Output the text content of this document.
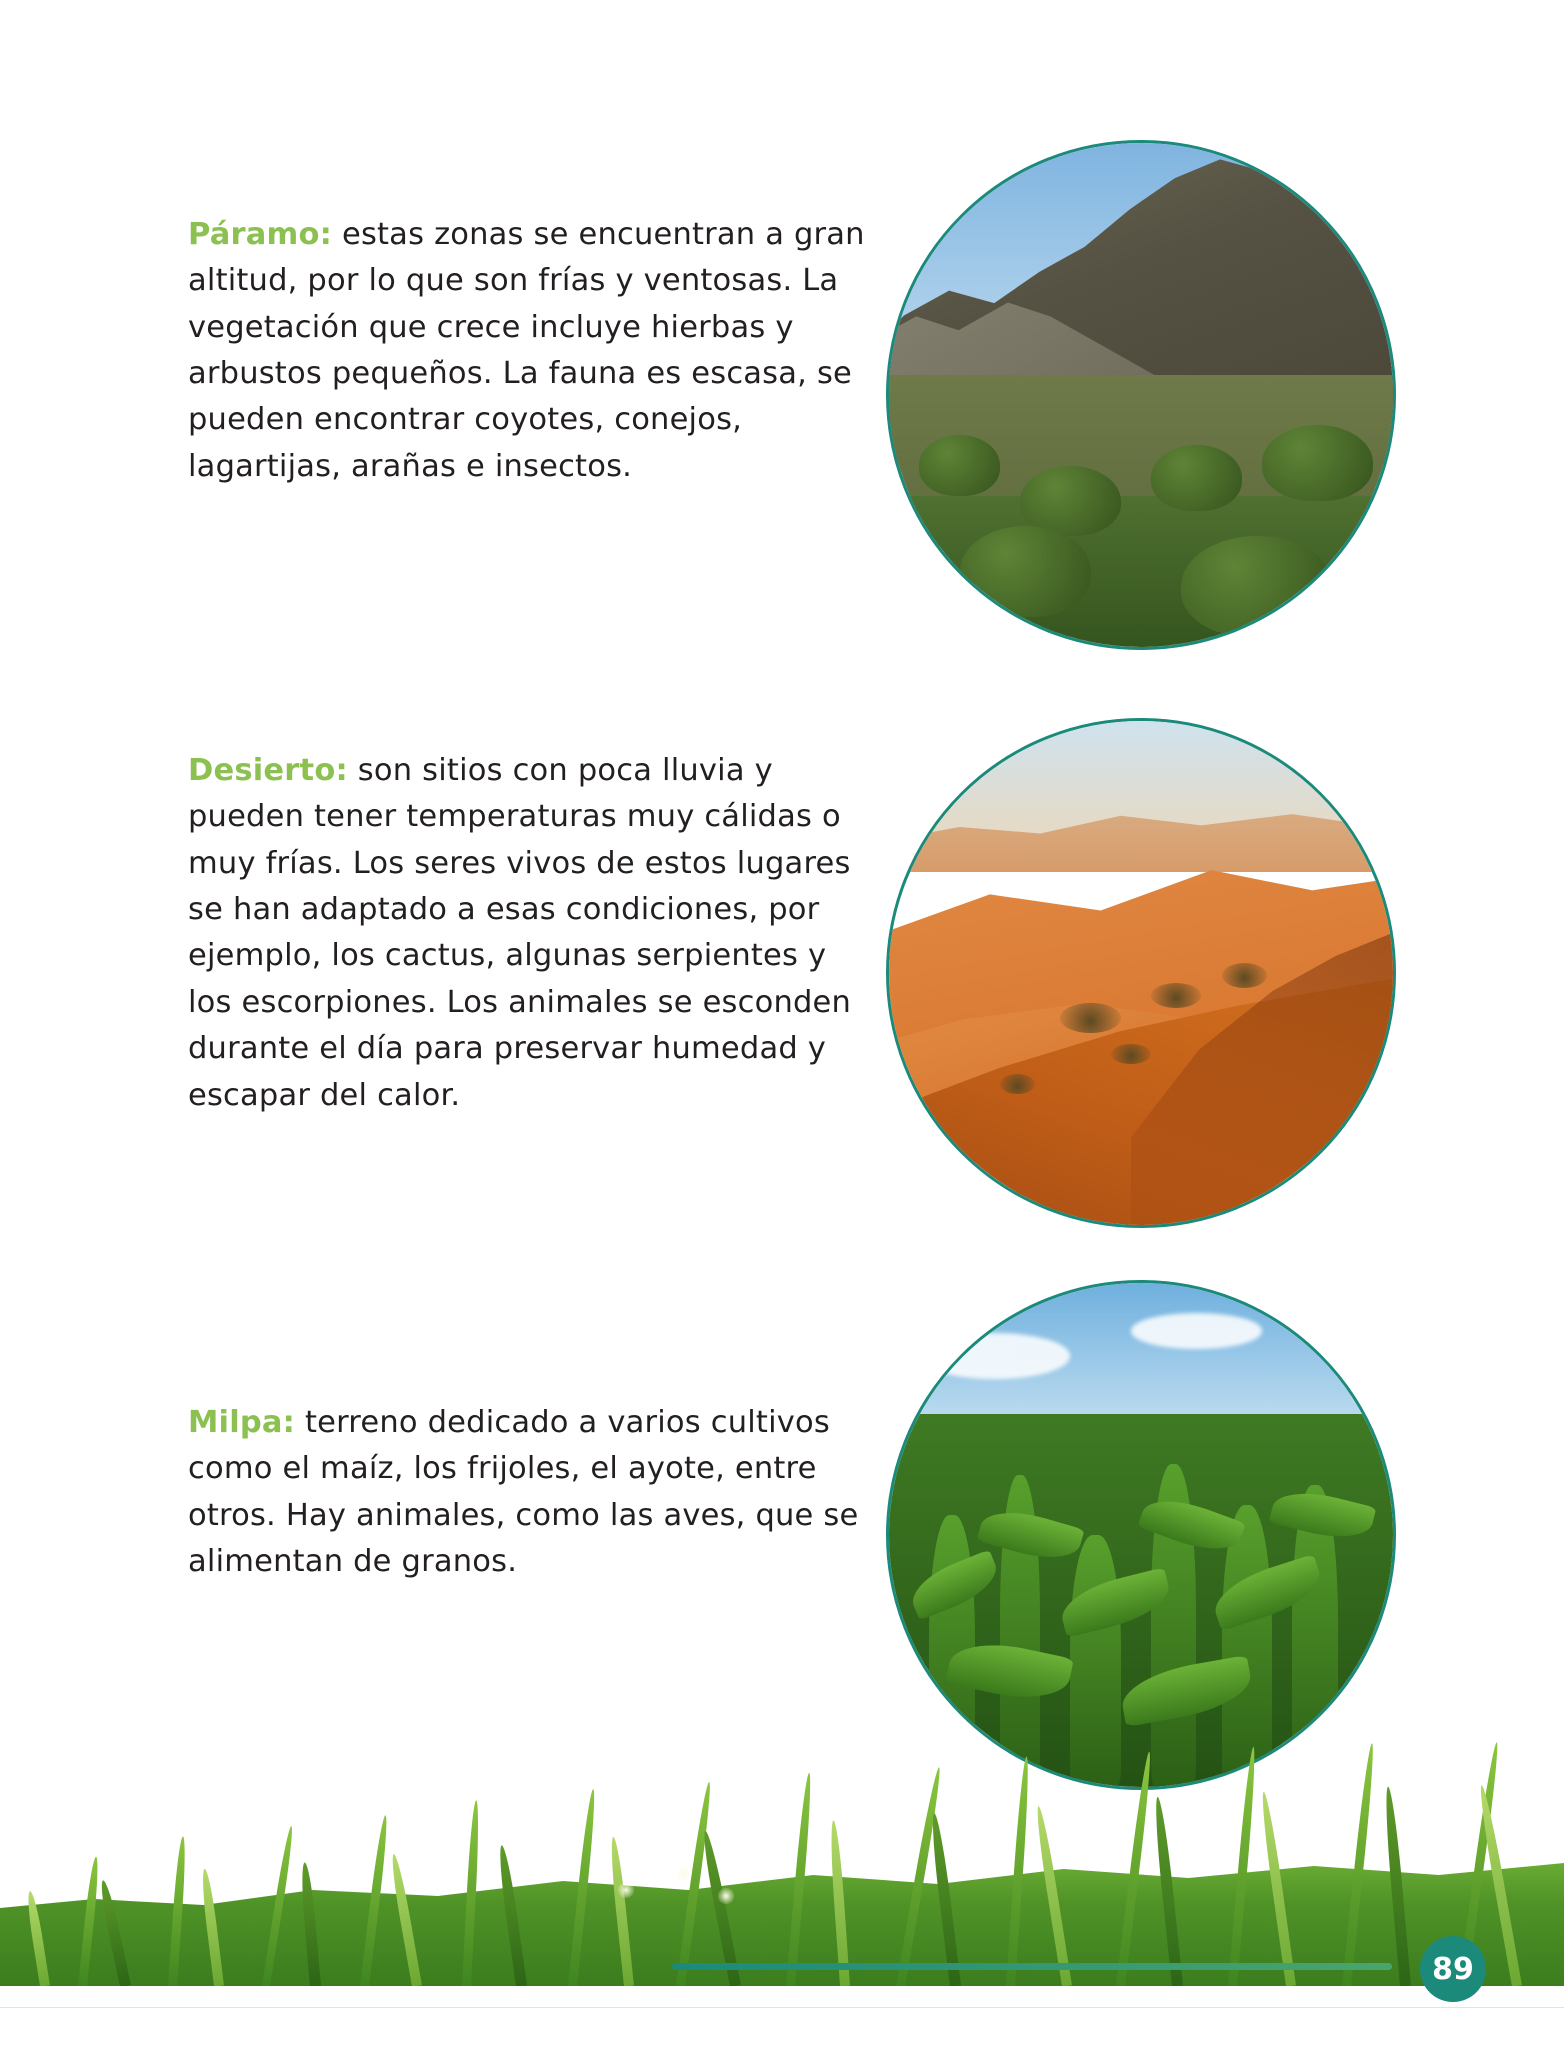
Páramo: estas zonas se encuentran a gran altitud, por lo que son frías y ventosas. La vegetación que crece incluye hierbas y arbustos pequeños. La fauna es escasa, se pueden encontrar coyotes, conejos, lagartijas, arañas e insectos.

Desierto: son sitios con poca lluvia y pueden tener temperaturas muy cálidas o muy frías. Los seres vivos de estos lugares se han adaptado a esas condiciones, por ejemplo, los cactus, algunas serpientes y los escorpiones. Los animales se esconden durante el día para preservar humedad y escapar del calor.

Milpa: terreno dedicado a varios cultivos como el maíz, los frijoles, el ayote, entre otros. Hay animales, como las aves, que se alimentan de granos.

89
